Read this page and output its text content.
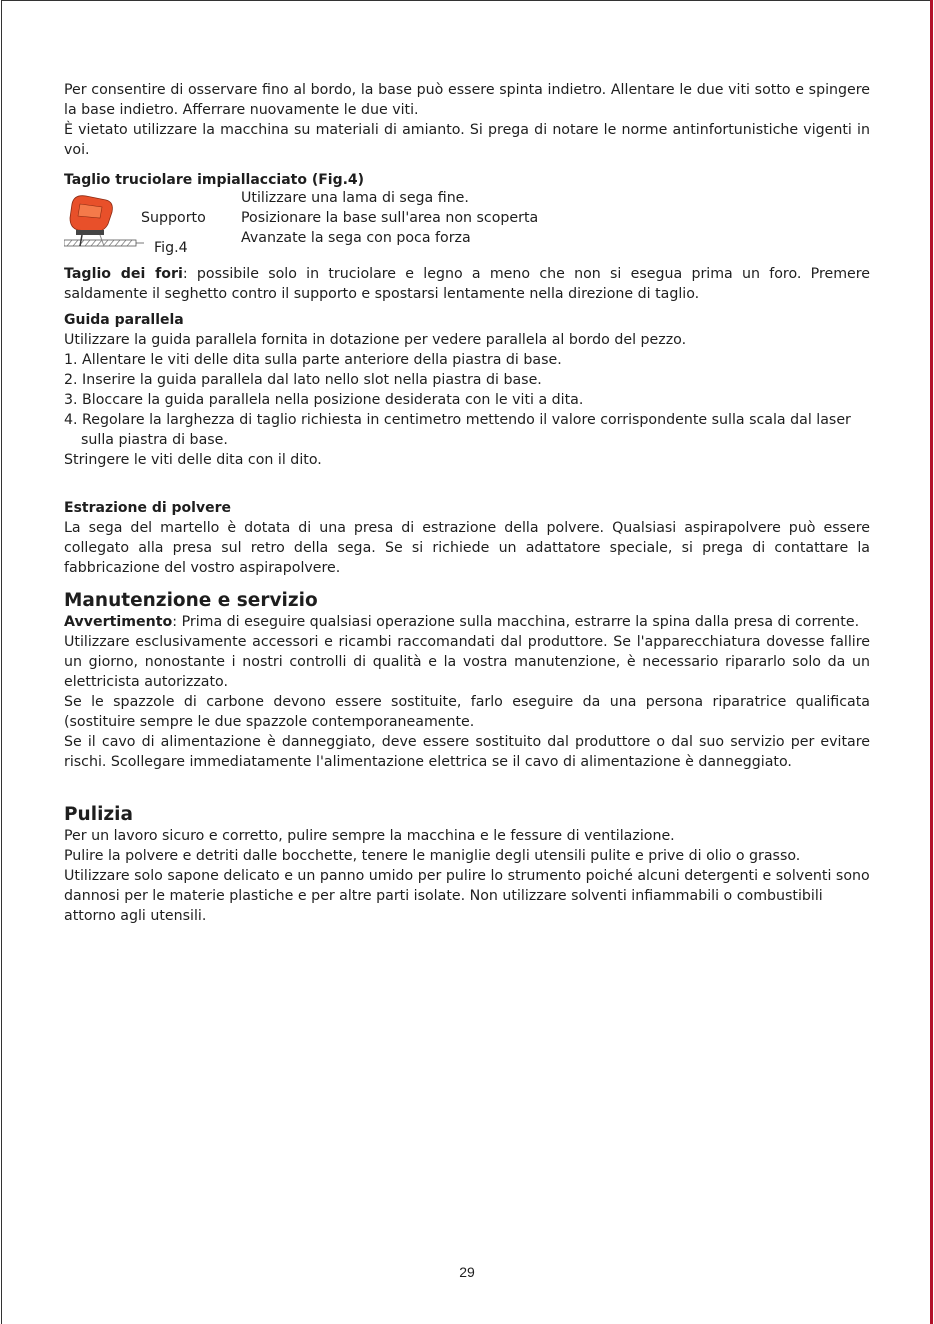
Per consentire di osservare fino al bordo, la base può essere spinta indietro. Allentare le due viti sotto e spingere la base indietro. Afferrare nuovamente le due viti.

È vietato utilizzare la macchina su materiali di amianto. Si prega di notare le norme antinfortunistiche vigenti in voi.

Taglio truciolare impiallacciato (Fig.4)

Supporto
Fig.4

Utilizzare una lama di sega fine.

Posizionare la base sull'area non scoperta

Avanzate la sega con poca forza

Taglio dei fori: possibile solo in truciolare e legno a meno che non si esegua prima un foro. Premere saldamente il seghetto contro il supporto e spostarsi lentamente nella direzione di taglio.

Guida parallela

Utilizzare la guida parallela fornita in dotazione per vedere parallela al bordo del pezzo.

1. Allentare le viti delle dita sulla parte anteriore della piastra di base.

2. Inserire la guida parallela dal lato nello slot nella piastra di base.

3. Bloccare la guida parallela nella posizione desiderata con le viti a dita.

4. Regolare la larghezza di taglio richiesta in centimetro mettendo il valore corrispondente sulla scala dal laser sulla piastra di base.

Stringere le viti delle dita con il dito.

Estrazione di polvere

La sega del martello è dotata di una presa di estrazione della polvere. Qualsiasi aspirapolvere può essere collegato alla presa sul retro della sega. Se si richiede un adattatore speciale, si prega di contattare la fabbricazione del vostro aspirapolvere.

Manutenzione e servizio

Avvertimento: Prima di eseguire qualsiasi operazione sulla macchina, estrarre la spina dalla presa di corrente.

Utilizzare esclusivamente accessori e ricambi raccomandati dal produttore. Se l'apparecchiatura dovesse fallire un giorno, nonostante i nostri controlli di qualità e la vostra manutenzione, è necessario ripararlo solo da un elettricista autorizzato.

Se le spazzole di carbone devono essere sostituite, farlo eseguire da una persona riparatrice qualificata (sostituire sempre le due spazzole contemporaneamente.

Se il cavo di alimentazione è danneggiato, deve essere sostituito dal produttore o dal suo servizio per evitare rischi. Scollegare immediatamente l'alimentazione elettrica se il cavo di alimentazione è danneggiato.

Pulizia

Per un lavoro sicuro e corretto, pulire sempre la macchina e le fessure di ventilazione.

Pulire la polvere e detriti dalle bocchette, tenere le maniglie degli utensili pulite e prive di olio o grasso.

Utilizzare solo sapone delicato e un panno umido per pulire lo strumento poiché alcuni detergenti e solventi sono dannosi per le materie plastiche e per altre parti isolate. Non utilizzare solventi infiammabili o combustibili attorno agli utensili.

29
